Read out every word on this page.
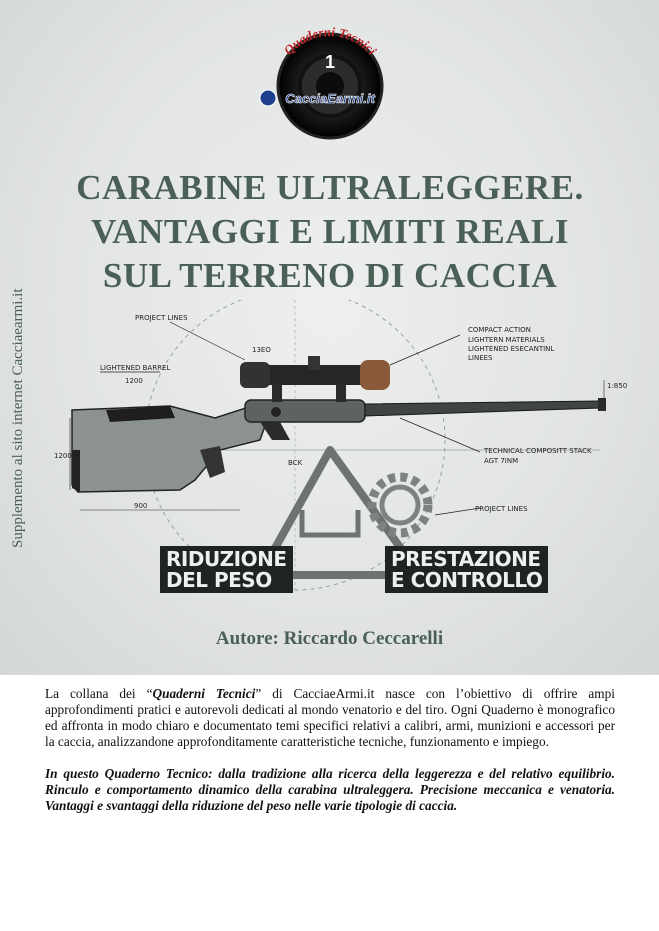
Quaderni Tecnici
1
CacciaEarmi.it
CARABINE ULTRALEGGERE.
VANTAGGI E LIMITI REALI
SUL TERRENO DI CACCIA
Supplemento al sito internet Cacciaearmi.it	PROJECT LINES
LIGHTENED BARREL
1200
13EO
COMPACT ACTION
LIGHTERN MATERIALS
LIGHTENED ESECANTINL
LINEES
TECHNICAL COMPOSITT STACK
AGT 7INM
PROJECT LINES
1200
900
1:850
BCK
RIDUZIONE
DEL PESO
PRESTAZIONE
E CONTROLLO
Autore: Riccardo Ceccarelli

La collana dei “Quaderni Tecnici” di CacciaeArmi.it nasce con l’obiettivo di offrire ampi approfondimenti pratici e autorevoli dedicati al mondo venatorio e del tiro. Ogni Quaderno è monografico ed affronta in modo chiaro e documentato temi specifici relativi a calibri, armi, munizioni e accessori per la caccia, analizzandone approfonditamente caratteristiche tecniche, funzionamento e impiego.

In questo Quaderno Tecnico: dalla tradizione alla ricerca della leggerezza e del relativo equilibrio. Rinculo e comportamento dinamico della carabina ultraleggera. Precisione meccanica e venatoria. Vantaggi e svantaggi della riduzione del peso nelle varie tipologie di caccia.
